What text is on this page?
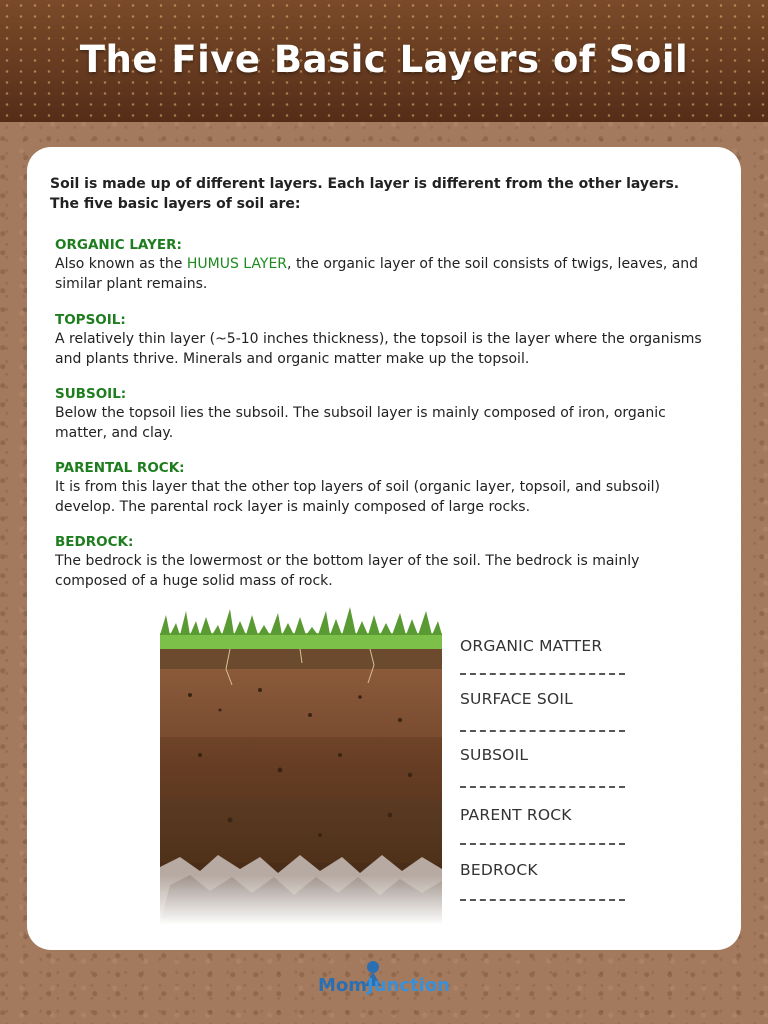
The Five Basic Layers of Soil
Soil is made up of different layers. Each layer is different from the other layers. The five basic layers of soil are:
ORGANIC LAYER:
Also known as the HUMUS LAYER, the organic layer of the soil consists of twigs, leaves, and similar plant remains.
TOPSOIL:
A relatively thin layer (~5-10 inches thickness), the topsoil is the layer where the organisms and plants thrive. Minerals and organic matter make up the topsoil.
SUBSOIL:
Below the topsoil lies the subsoil. The subsoil layer is mainly composed of iron, organic matter, and clay.
PARENTAL ROCK:
It is from this layer that the other top layers of soil (organic layer, topsoil, and subsoil) develop. The parental rock layer is mainly composed of large rocks.
BEDROCK:
The bedrock is the lowermost or the bottom layer of the soil. The bedrock is mainly composed of a huge solid mass of rock.
ORGANIC MATTER
SURFACE SOIL
SUBSOIL
PARENT ROCK
BEDROCK
MomJunction
